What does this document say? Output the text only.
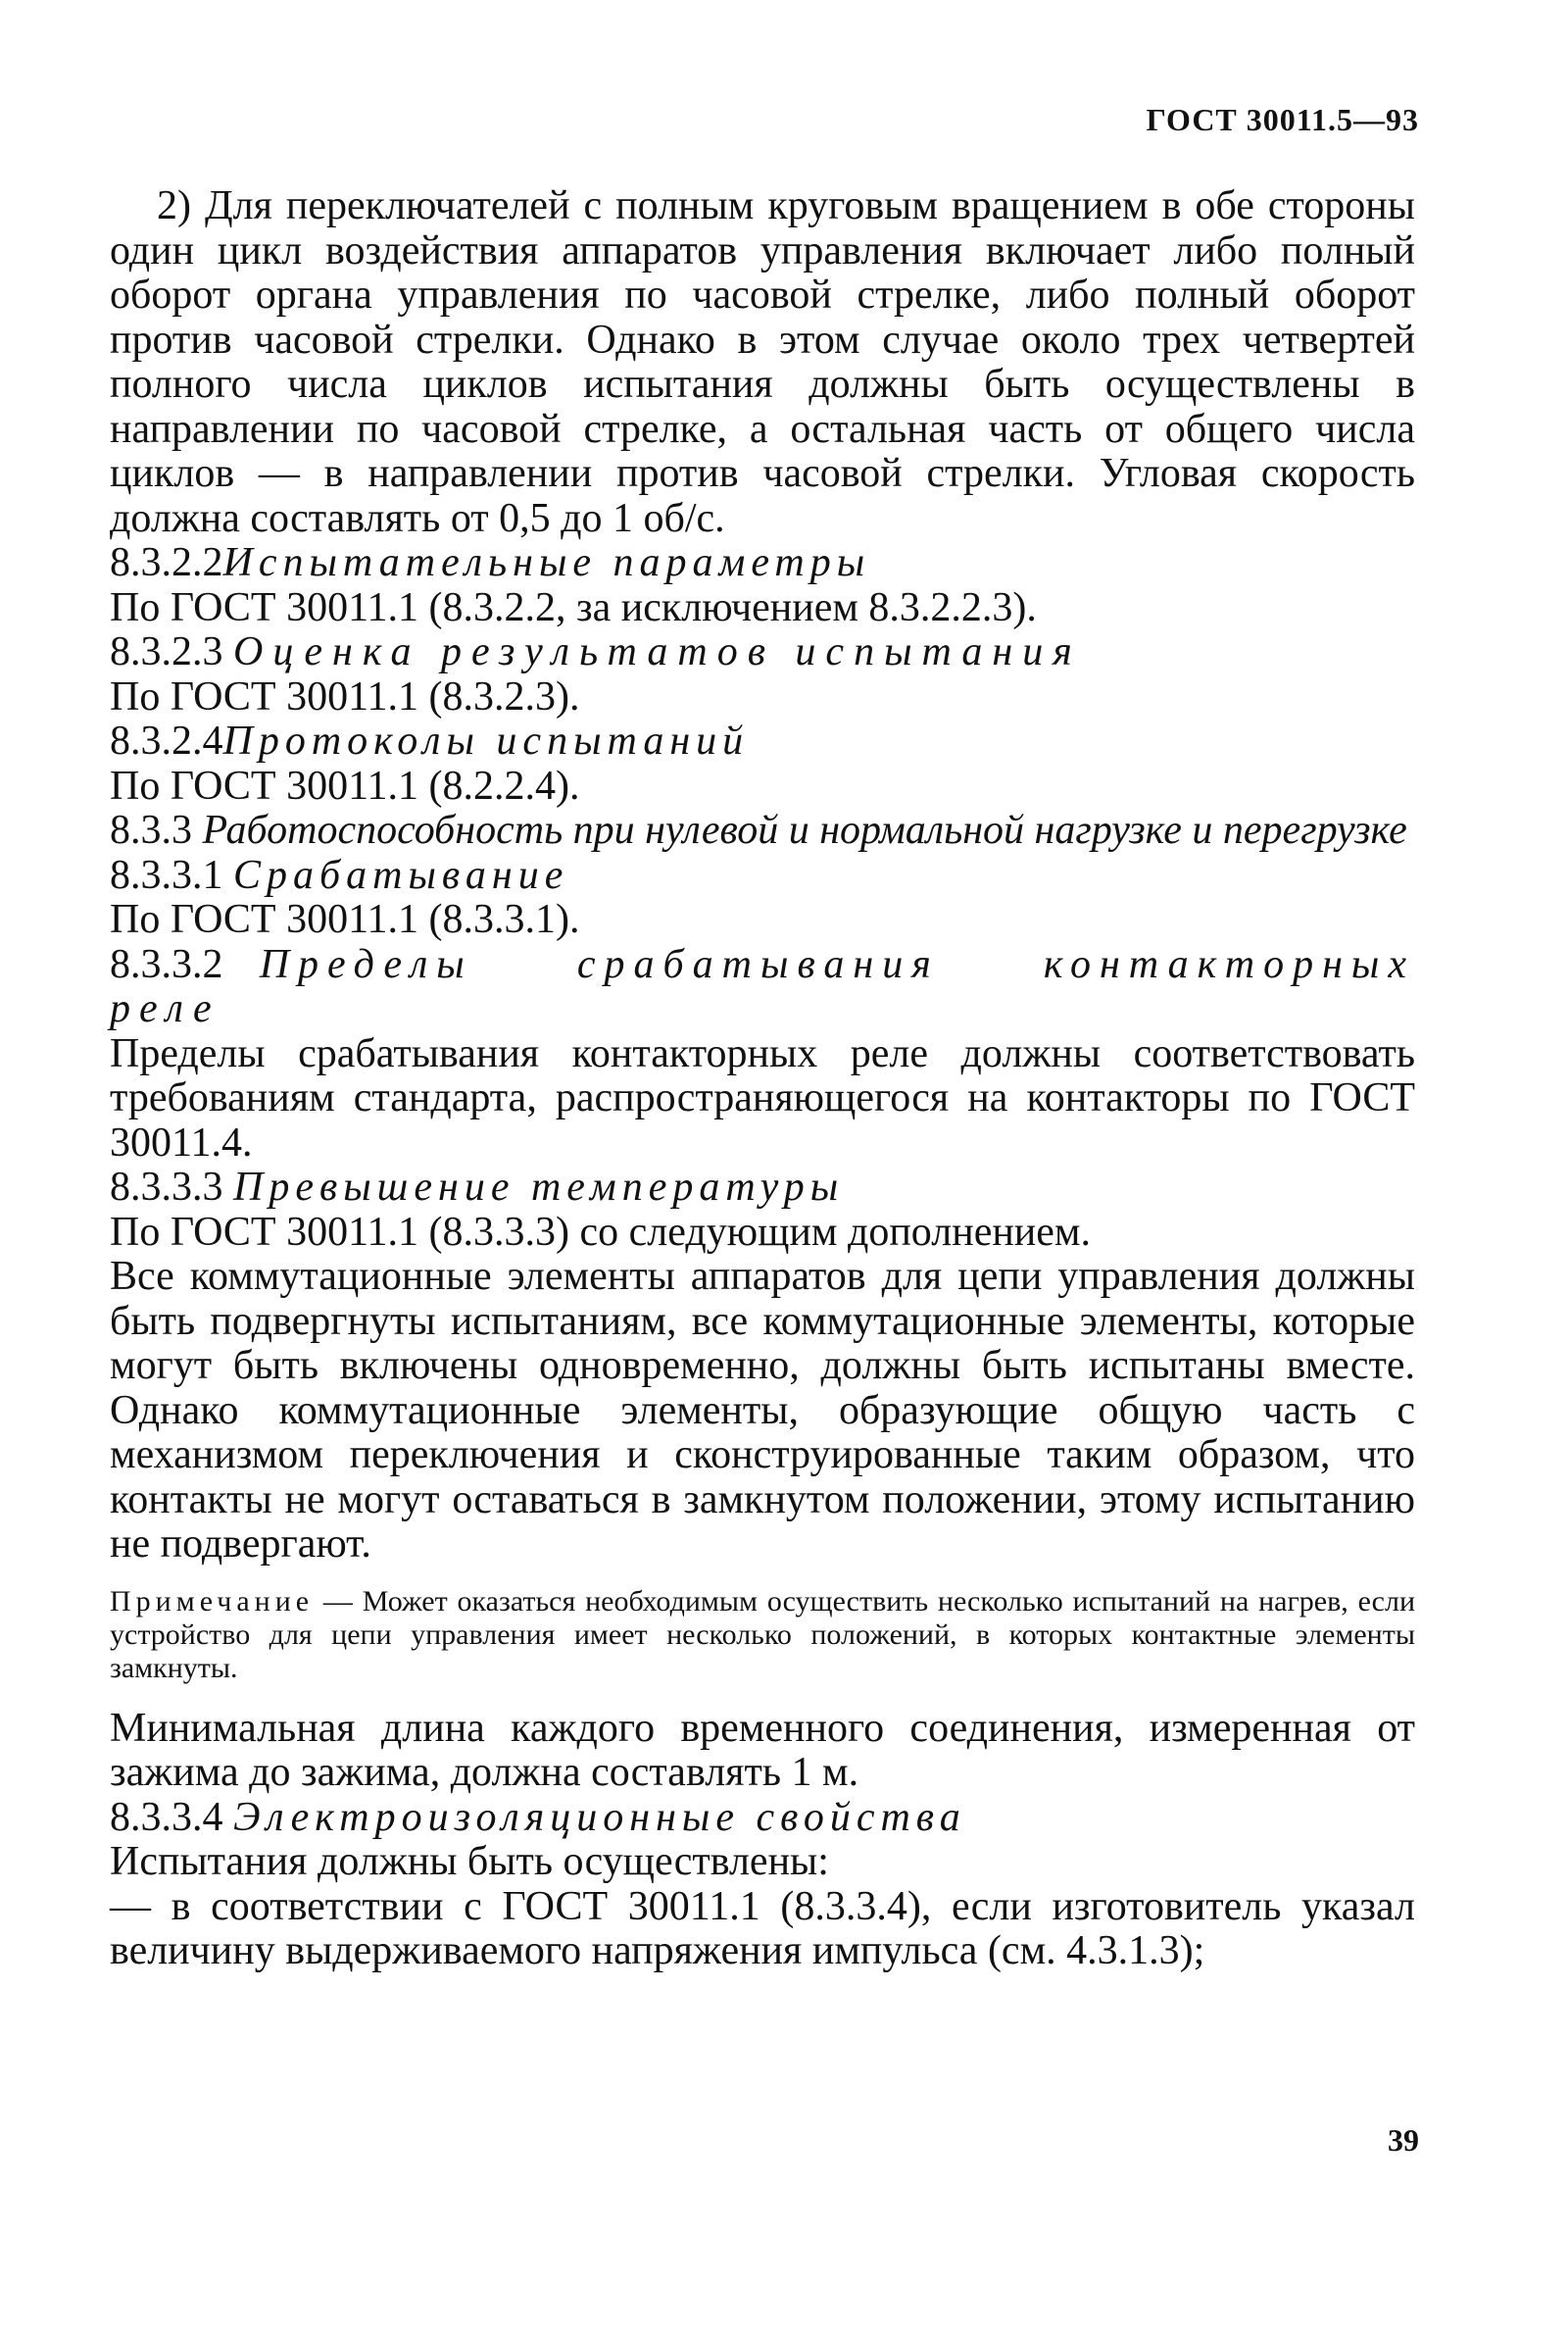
ГОСТ 30011.5—93

2) Для переключателей с полным круговым вращением в обе стороны один цикл воздействия аппаратов управления включает либо полный оборот органа управления по часовой стрелке, либо полный оборот против часовой стрелки. Однако в этом случае около трех четвертей полного числа циклов испытания должны быть осуществлены в направлении по часовой стрелке, а остальная часть от общего числа циклов — в направлении против часовой стрелки. Угловая скорость должна составлять от 0,5 до 1 об/с.

8.3.2.2Испытательные параметры

По ГОСТ 30011.1 (8.3.2.2, за исключением 8.3.2.2.3).

8.3.2.3 Оценка результатов испытания

По ГОСТ 30011.1 (8.3.2.3).

8.3.2.4Протоколы испытаний

По ГОСТ 30011.1 (8.2.2.4).

8.3.3 Работоспособность при нулевой и нормальной нагрузке и перегрузке

8.3.3.1 Срабатывание

По ГОСТ 30011.1 (8.3.3.1).

8.3.3.2 Пределы срабатывания контакторных реле

Пределы срабатывания контакторных реле должны соответствовать требованиям стандарта, распространяющегося на контакторы по ГОСТ 30011.4.

8.3.3.3 Превышение температуры

По ГОСТ 30011.1 (8.3.3.3) со следующим дополнением.

Все коммутационные элементы аппаратов для цепи управления должны быть подвергнуты испытаниям, все коммутационные элементы, которые могут быть включены одновременно, должны быть испытаны вместе. Однако коммутационные элементы, образующие общую часть с механизмом переключения и сконструированные таким образом, что контакты не могут оставаться в замкнутом положении, этому испытанию не подвергают.

Примечание — Может оказаться необходимым осуществить несколько испытаний на нагрев, если устройство для цепи управления имеет несколько положений, в которых контактные элементы замкнуты.

Минимальная длина каждого временного соединения, измеренная от зажима до зажима, должна составлять 1 м.

8.3.3.4 Электроизоляционные свойства

Испытания должны быть осуществлены:

— в соответствии с ГОСТ 30011.1 (8.3.3.4), если изготовитель указал величину выдерживаемого напряжения импульса (см. 4.3.1.3);

39
